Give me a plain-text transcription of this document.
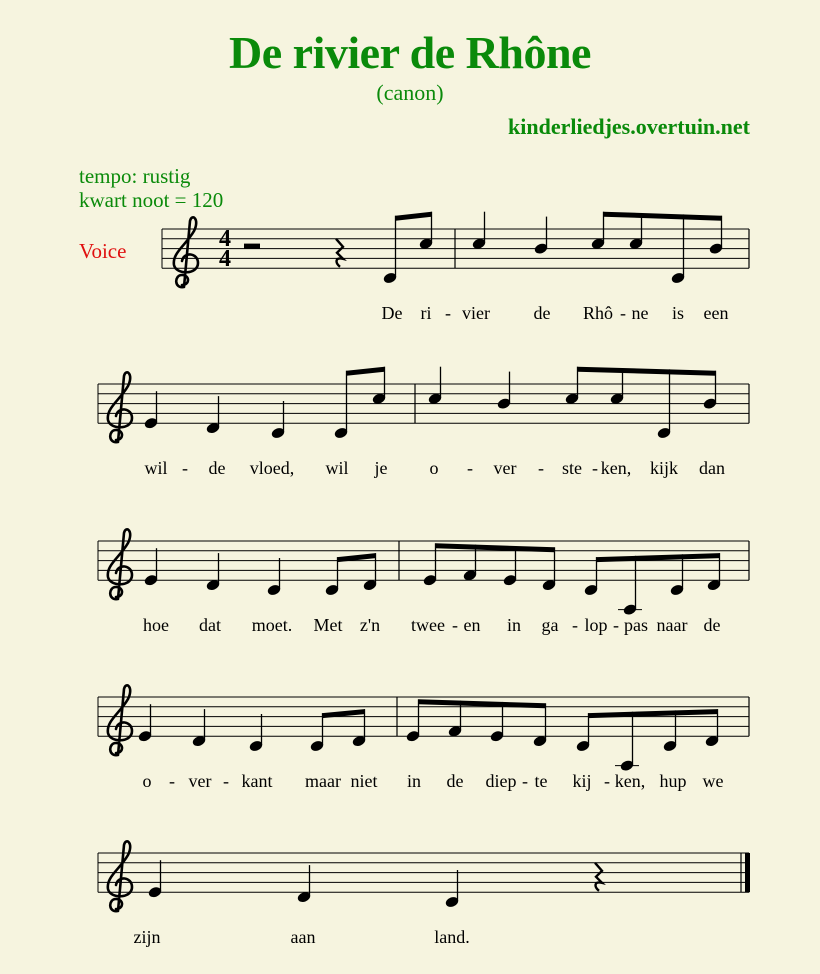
De rivier de Rhône
(canon)
kinderliedjes.overtuin.net
tempo: rustig
kwart noot = 120
Voice	4
4
De ri - vier de Rhô - ne is een
wil - de vloed, wil je o - ver - ste - ken, kijk dan
hoe dat moet. Met z'n twee - en in ga - lop - pas naar de
o - ver - kant maar niet in de diep - te kij - ken, hup we
zijn	aan	land.
